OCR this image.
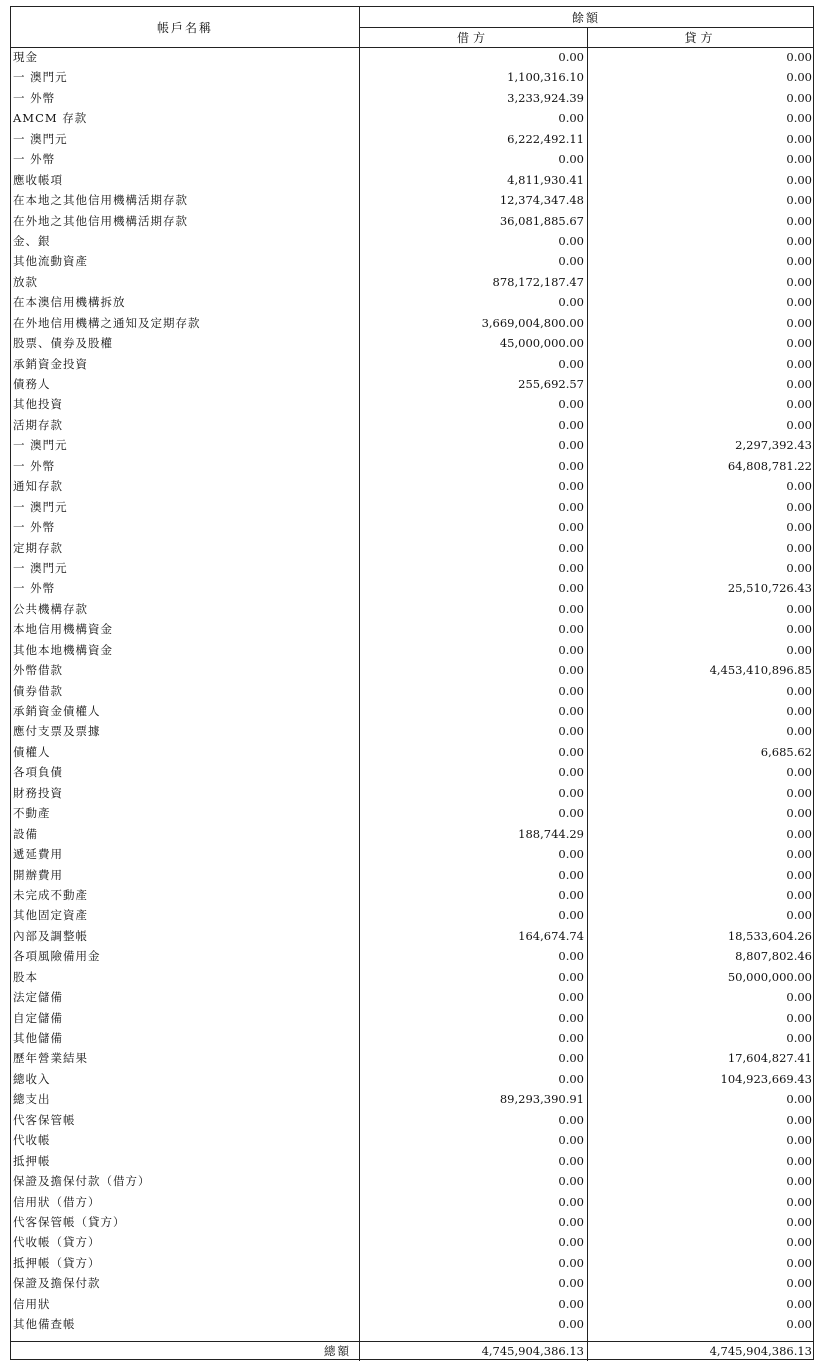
帳戶名稱
餘額
借方	貸方
現金	0.00	0.00
一 澳門元	1,100,316.10	0.00
一 外幣	3,233,924.39	0.00
AMCM 存款	0.00	0.00
一 澳門元	6,222,492.11	0.00
一 外幣	0.00	0.00
應收帳項	4,811,930.41	0.00
在本地之其他信用機構活期存款	12,374,347.48	0.00
在外地之其他信用機構活期存款	36,081,885.67	0.00
金、銀	0.00	0.00
其他流動資產	0.00	0.00
放款	878,172,187.47	0.00
在本澳信用機構拆放	0.00	0.00
在外地信用機構之通知及定期存款	3,669,004,800.00	0.00
股票、債券及股權	45,000,000.00	0.00
承銷資金投資	0.00	0.00
債務人	255,692.57	0.00
其他投資	0.00	0.00
活期存款	0.00	0.00
一 澳門元	0.00	2,297,392.43
一 外幣	0.00	64,808,781.22
通知存款	0.00	0.00
一 澳門元	0.00	0.00
一 外幣	0.00	0.00
定期存款	0.00	0.00
一 澳門元	0.00	0.00
一 外幣	0.00	25,510,726.43
公共機構存款	0.00	0.00
本地信用機構資金	0.00	0.00
其他本地機構資金	0.00	0.00
外幣借款	0.00	4,453,410,896.85
債券借款	0.00	0.00
承銷資金債權人	0.00	0.00
應付支票及票據	0.00	0.00
債權人	0.00	6,685.62
各項負債	0.00	0.00
財務投資	0.00	0.00
不動產	0.00	0.00
設備	188,744.29	0.00
遞延費用	0.00	0.00
開辦費用	0.00	0.00
未完成不動產	0.00	0.00
其他固定資產	0.00	0.00
內部及調整帳	164,674.74	18,533,604.26
各項風險備用金	0.00	8,807,802.46
股本	0.00	50,000,000.00
法定儲備	0.00	0.00
自定儲備	0.00	0.00
其他儲備	0.00	0.00
歷年營業結果	0.00	17,604,827.41
總收入	0.00	104,923,669.43
總支出	89,293,390.91	0.00
代客保管帳	0.00	0.00
代收帳	0.00	0.00
抵押帳	0.00	0.00
保證及擔保付款（借方）	0.00	0.00
信用狀（借方）	0.00	0.00
代客保管帳（貸方）	0.00	0.00
代收帳（貸方）	0.00	0.00
抵押帳（貸方）	0.00	0.00
保證及擔保付款	0.00	0.00
信用狀	0.00	0.00
其他備查帳	0.00	0.00
總額	4,745,904,386.13	4,745,904,386.13
